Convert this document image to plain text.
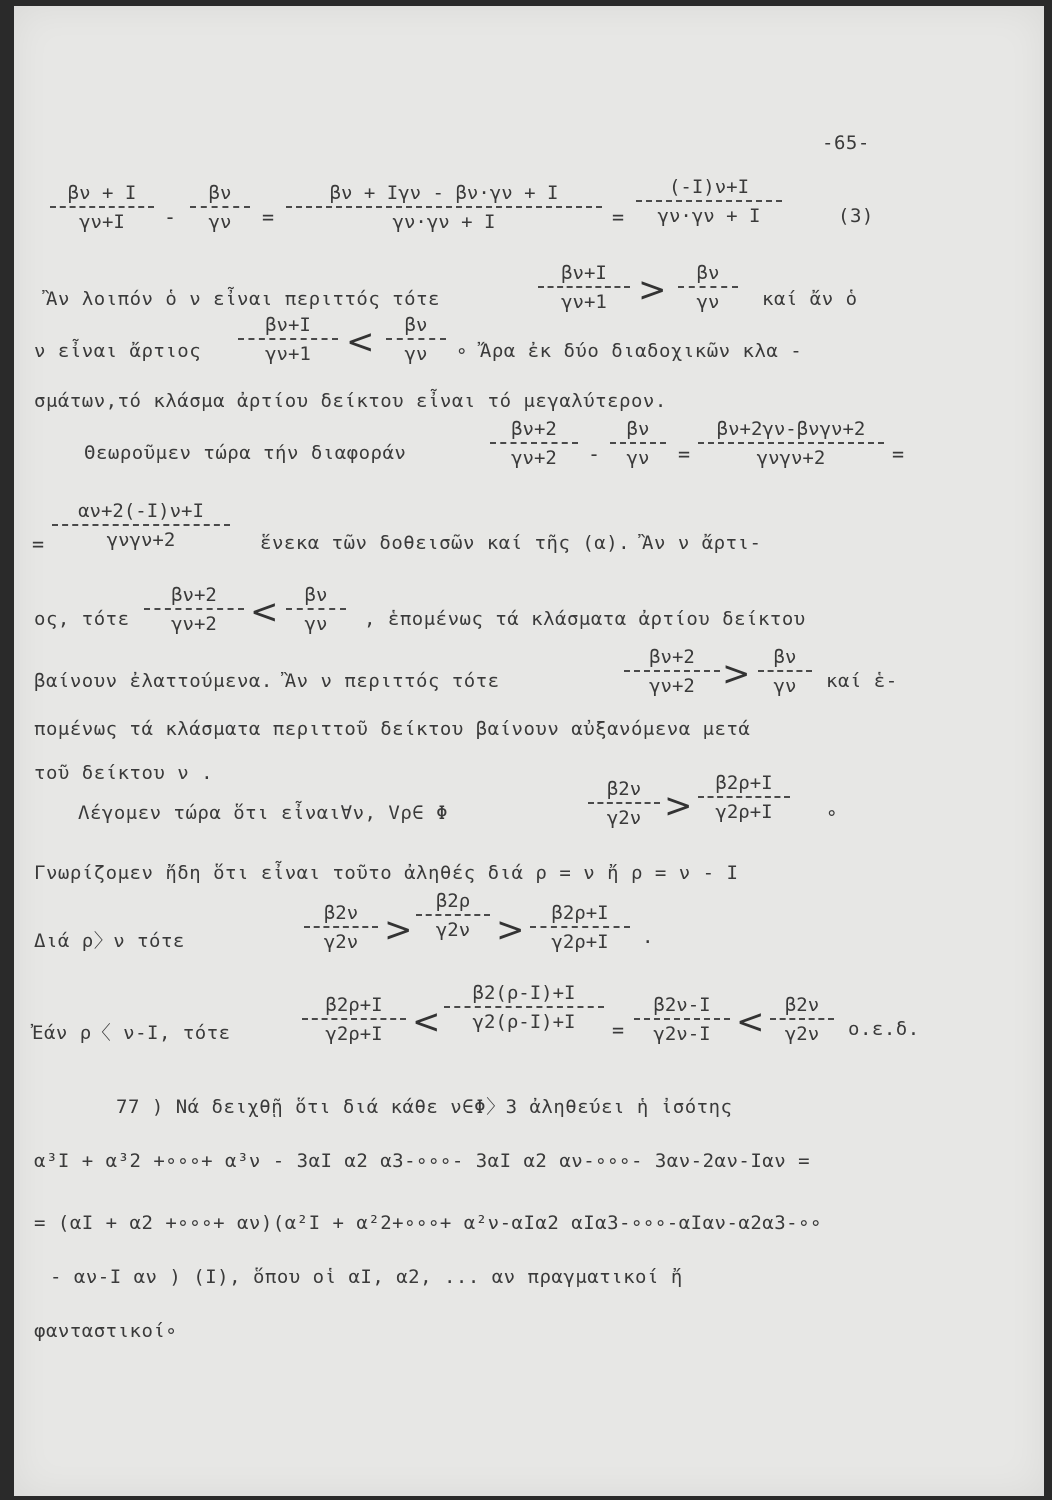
-65-
βν + I
γν+I	-
βν
γν	=
βν + Iγν - βν·γν + I
γν·γν + I	=
(-I)ν+I
γν·γν + I	(3)
Ἂν λοιπόν ὁ ν εἶναι περιττός τότε
βν+I
γν+1 >	βν
γν	καί ἄν ὁ
ν εἶναι ἄρτιος
βν+I
γν+1	<	βν
γν	∘ Ἄρα ἐκ δύο διαδοχικῶν κλα -
σμάτων,τό κλάσμα ἀρτίου δείκτου εἶναι τό μεγαλύτερον.
Θεωροῦμεν τώρα τήν διαφοράν
βν+2
γν+2	-
βν
γν	=
βν+2γν-βνγν+2
γνγν+2	=
=
αν+2(-I)ν+I
γνγν+2	ἕνεκα τῶν δοθεισῶν καί τῆς (α). Ἂν ν ἄρτι-
ος, τότε
βν+2
γν+2 <	βν
γν	, ἑπομένως τά κλάσματα ἀρτίου δείκτου
βαίνουν ἐλαττούμενα. Ἂν ν περιττός τότε
βν+2
γν+2 >	βν
γν	καί ἑ-
πομένως τά κλάσματα περιττοῦ δείκτου βαίνουν αὐξανόμενα μετά
τοῦ δείκτου ν .
Λέγομεν τώρα ὅτι εἶναι∀ν, Vρ∈ Φ
β2ν
γ2ν >
β2ρ+I
γ2ρ+I	∘
Γνωρίζομεν ἤδη ὅτι εἶναι τοῦτο ἀληθές διά ρ = ν ἤ ρ = ν - I
Διά ρ〉ν τότε
β2ν
γ2ν >
β2ρ
γ2ν >	β2ρ+I
γ2ρ+I	.
Ἐάν ρ〈 ν-I, τότε
β2ρ+I
γ2ρ+I <
β2(ρ-I)+I
γ2(ρ-I)+I	=
β2ν-I
γ2ν-I <	β2ν
γ2ν	ο.ε.δ.
77 ) Νά δειχθῇ ὅτι διά κάθε ν∈Φ〉3 ἀληθεύει ἡ ἰσότης
α³I + α³2 +∘∘∘+ α³ν - 3αI α2 α3-∘∘∘- 3αI α2 αν-∘∘∘- 3αν-2αν-Iαν =
= (αI + α2 +∘∘∘+ αν)(α²I + α²2+∘∘∘+ α²ν-αIα2 αIα3-∘∘∘-αIαν-α2α3-∘∘
- αν-I αν ) (I), ὅπου οἱ αI, α2, ... αν πραγματικοί ἤ
φανταστικοί∘
